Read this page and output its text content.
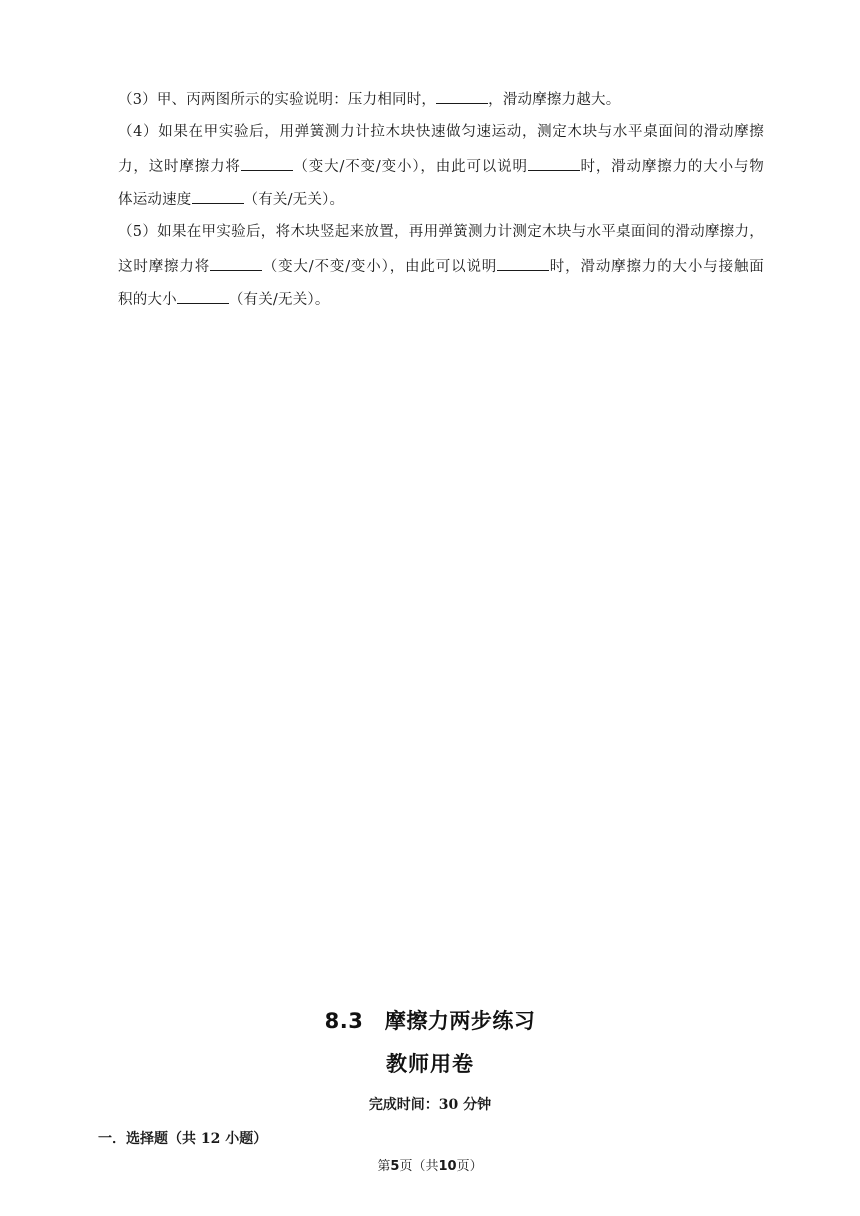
（3）甲、丙两图所示的实验说明：压力相同时，	，滑动摩擦力越大。
（4）如果在甲实验后，用弹簧测力计拉木块快速做匀速运动，测定木块与水平桌面间的滑动摩擦
力，这时摩擦力将	（变大/不变/变小），由此可以说明	时，滑动摩擦力的大小与物
体运动速度	（有关/无关）。
（5）如果在甲实验后，将木块竖起来放置，再用弹簧测力计测定木块与水平桌面间的滑动摩擦力，
这时摩擦力将	（变大/不变/变小），由此可以说明	时，滑动摩擦力的大小与接触面
积的大小	（有关/无关）。
8.3　摩擦力两步练习
教师用卷
完成时间：30 分钟
一．选择题（共 12 小题）
第5页（共10页）
